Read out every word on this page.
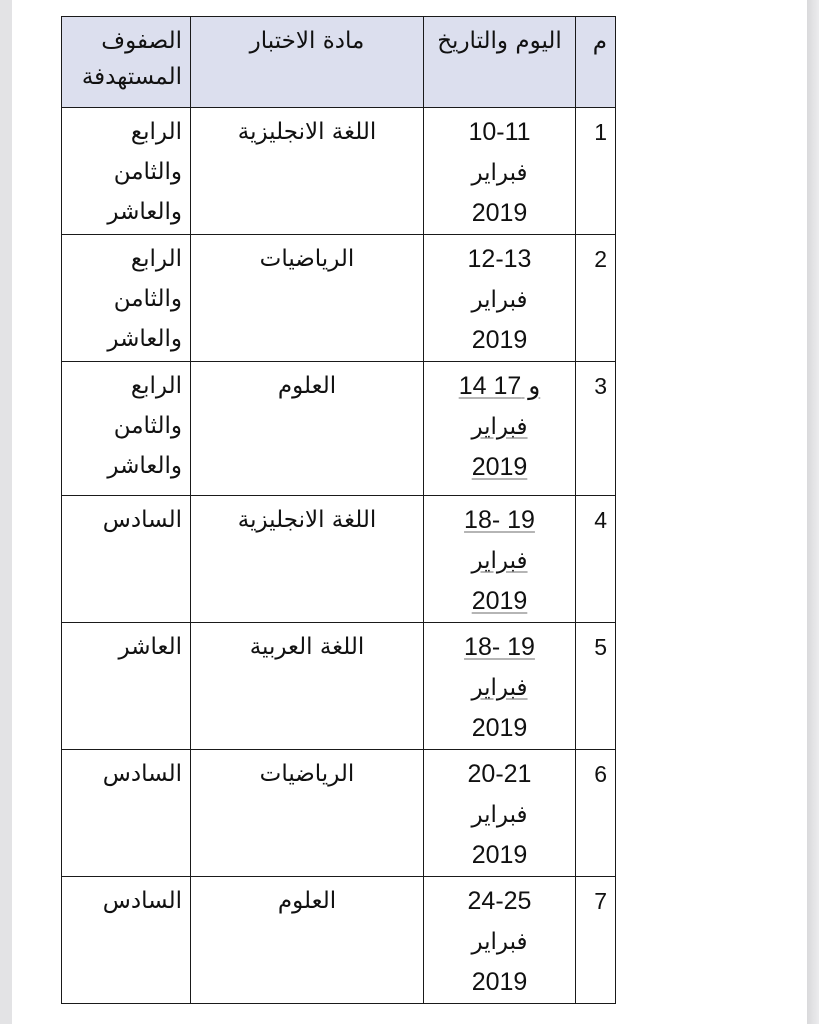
م	اليوم والتاريخ	مادة الاختبار	الصفوف المستهدفة
1	10-11
فبراير
2019	اللغة الانجليزية	الرابع والثامن والعاشر
2	12-13
فبراير
2019	الرياضيات	الرابع والثامن والعاشر
3	14 و 17
فبراير
2019	العلوم	الرابع والثامن والعاشر
4	18- 19
فبراير
2019	اللغة الانجليزية	السادس
5	18- 19
فبراير
2019	اللغة العربية	العاشر
6	20-21
فبراير
2019	الرياضيات	السادس
7	24-25
فبراير
2019	العلوم	السادس
